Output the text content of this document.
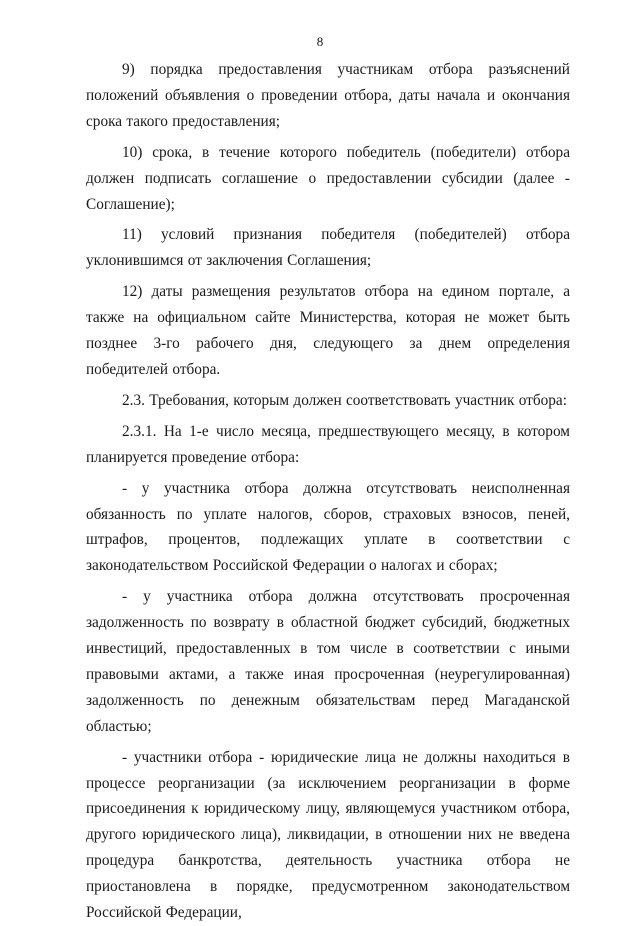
8

9) порядка предоставления участникам отбора разъяснений положений объявления о проведении отбора, даты начала и окончания срока такого предоставления;

10) срока, в течение которого победитель (победители) отбора должен подписать соглашение о предоставлении субсидии (далее - Соглашение);

11) условий признания победителя (победителей) отбора уклонившимся от заключения Соглашения;

12) даты размещения результатов отбора на едином портале, а также на официальном сайте Министерства, которая не может быть позднее 3-го рабочего дня, следующего за днем определения победителей отбора.

2.3. Требования, которым должен соответствовать участник отбора:

2.3.1. На 1-е число месяца, предшествующего месяцу, в котором планируется проведение отбора:

- у участника отбора должна отсутствовать неисполненная обязанность по уплате налогов, сборов, страховых взносов, пеней, штрафов, процентов, подлежащих уплате в соответствии с законодательством Российской Федерации о налогах и сборах;

- у участника отбора должна отсутствовать просроченная задолженность по возврату в областной бюджет субсидий, бюджетных инвестиций, предоставленных в том числе в соответствии с иными правовыми актами, а также иная просроченная (неурегулированная) задолженность по денежным обязательствам перед Магаданской областью;

- участники отбора - юридические лица не должны находиться в процессе реорганизации (за исключением реорганизации в форме присоединения к юридическому лицу, являющемуся участником отбора, другого юридического лица), ликвидации, в отношении них не введена процедура банкротства, деятельность участника отбора не приостановлена в порядке, предусмотренном законодательством Российской Федерации,
